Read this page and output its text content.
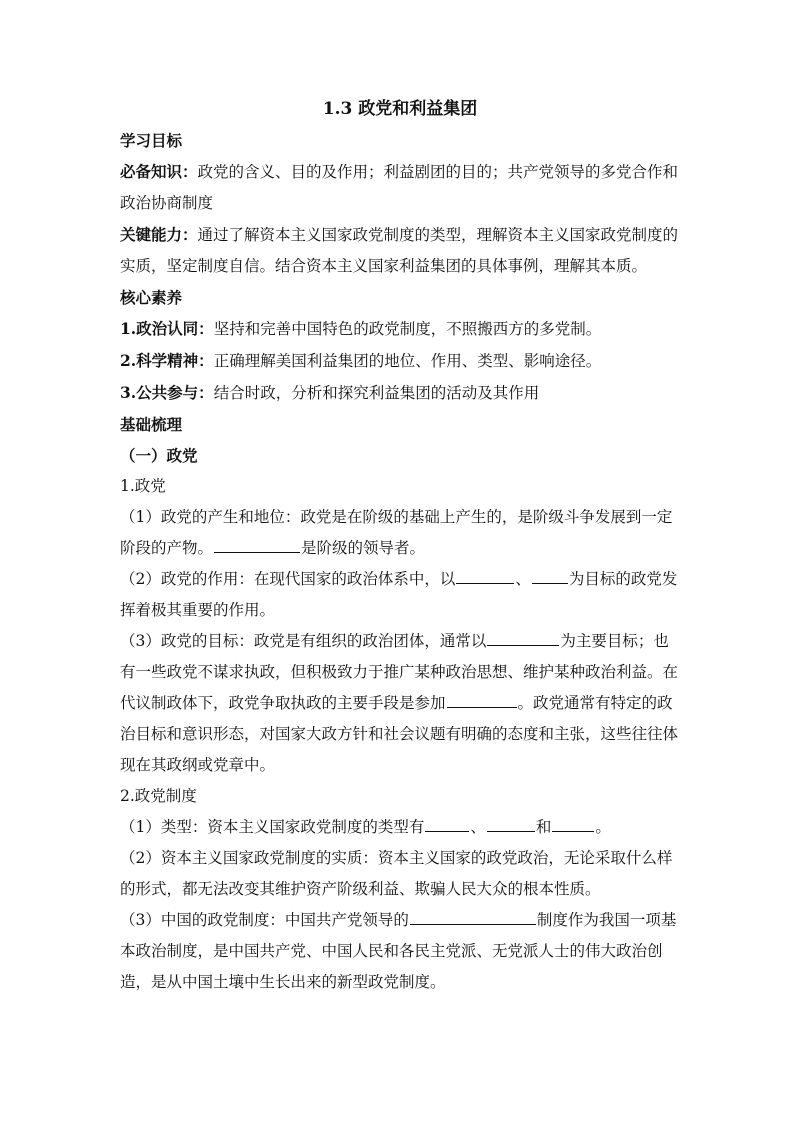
1.3 政党和利益集团

学习目标

必备知识：政党的含义、目的及作用；利益剧团的目的；共产党领导的多党合作和政治协商制度

关键能力：通过了解资本主义国家政党制度的类型，理解资本主义国家政党制度的实质，坚定制度自信。结合资本主义国家利益集团的具体事例，理解其本质。

核心素养

1.政治认同：坚持和完善中国特色的政党制度，不照搬西方的多党制。

2.科学精神：正确理解美国利益集团的地位、作用、类型、影响途径。

3.公共参与：结合时政，分析和探究利益集团的活动及其作用

基础梳理

（一）政党

1.政党

（1）政党的产生和地位：政党是在阶级的基础上产生的，是阶级斗争发展到一定阶段的产物。	是阶级的领导者。

（2）政党的作用：在现代国家的政治体系中，以	、 为目标的政党发挥着极其重要的作用。

（3）政党的目标：政党是有组织的政治团体，通常以	为主要目标；也有一些政党不谋求执政，但积极致力于推广某种政治思想、维护某种政治利益。在代议制政体下，政党争取执政的主要手段是参加	。政党通常有特定的政治目标和意识形态，对国家大政方针和社会议题有明确的态度和主张，这些往往体现在其政纲或党章中。

2.政党制度

（1）类型：资本主义国家政党制度的类型有	、	和	。

（2）资本主义国家政党制度的实质：资本主义国家的政党政治，无论采取什么样的形式，都无法改变其维护资产阶级利益、欺骗人民大众的根本性质。

（3）中国的政党制度：中国共产党领导的	制度作为我国一项基本政治制度，是中国共产党、中国人民和各民主党派、无党派人士的伟大政治创造，是从中国土壤中生长出来的新型政党制度。
